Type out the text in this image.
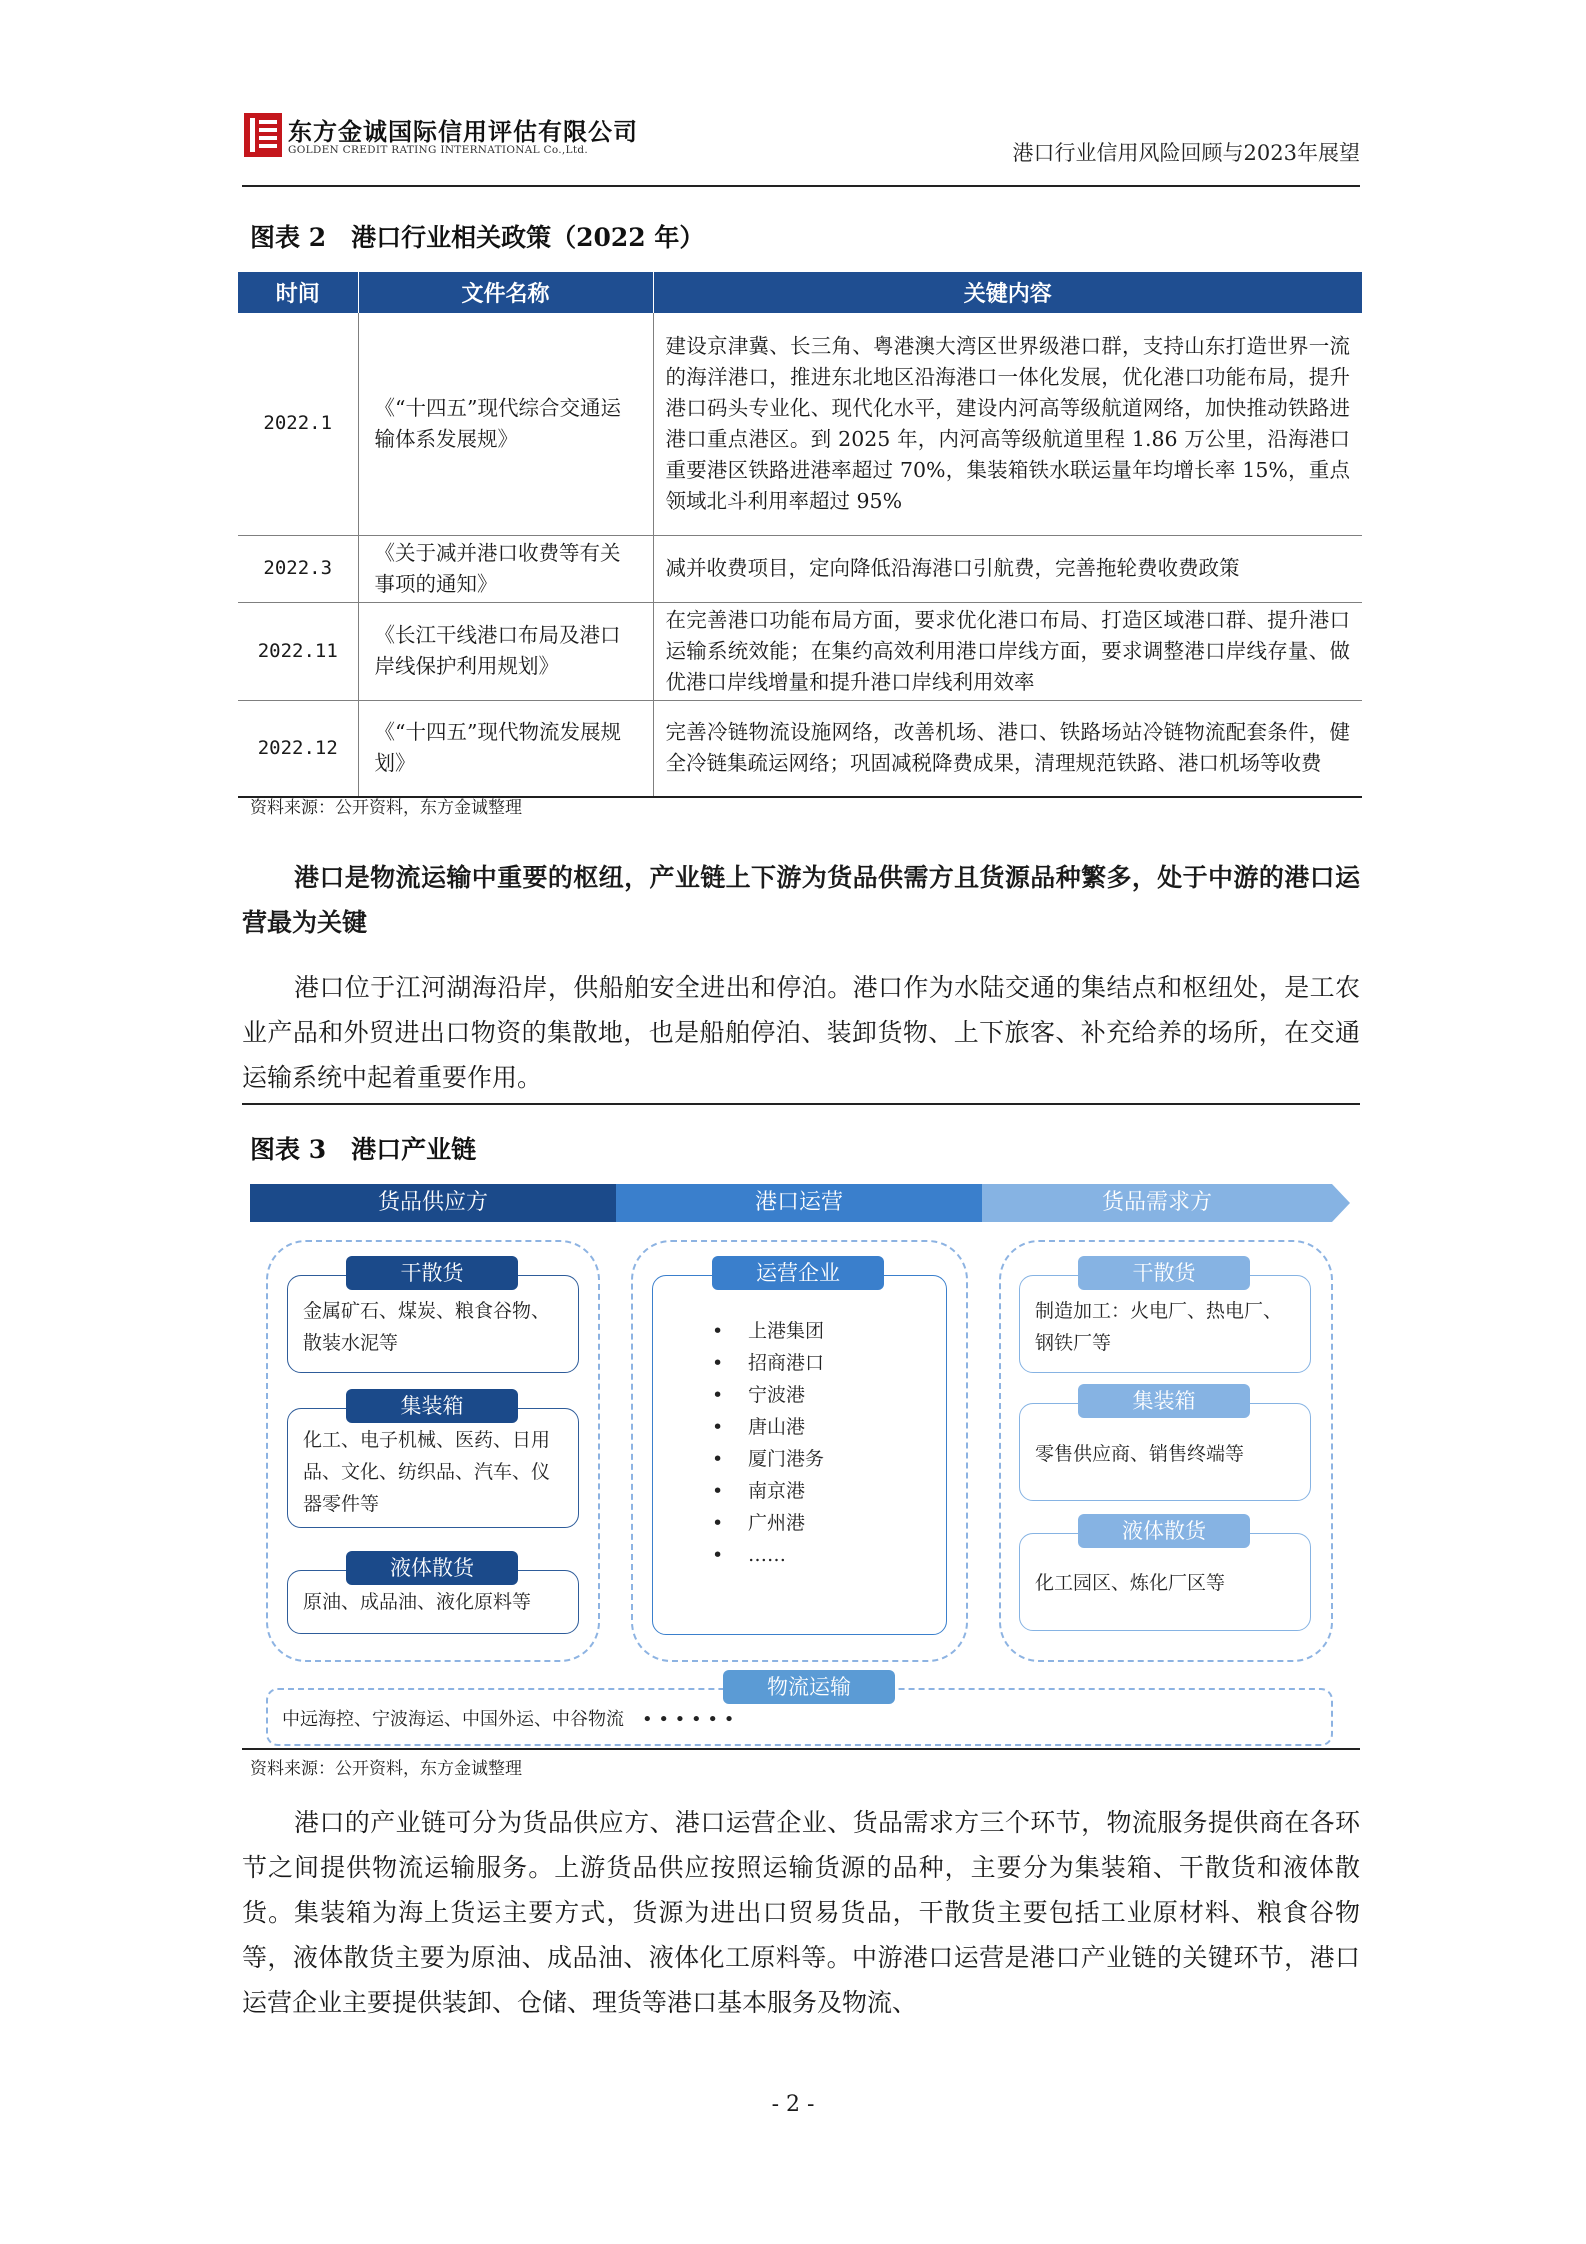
东方金诚国际信用评估有限公司
GOLDEN CREDIT RATING INTERNATIONAL Co.,Ltd.	港口行业信用风险回顾与2023年展望
图表 2　港口行业相关政策（2022 年）
时间	文件名称	关键内容
2022.1	《“十四五”现代综合交通运输体系发展规》	建设京津冀、长三角、粤港澳大湾区世界级港口群，支持山东打造世界一流的海洋港口，推进东北地区沿海港口一体化发展，优化港口功能布局，提升港口码头专业化、现代化水平，建设内河高等级航道网络，加快推动铁路进港口重点港区。到 2025 年，内河高等级航道里程 1.86 万公里，沿海港口重要港区铁路进港率超过 70%，集装箱铁水联运量年均增长率 15%，重点领域北斗利用率超过 95%
2022.3	《关于减并港口收费等有关事项的通知》	减并收费项目，定向降低沿海港口引航费，完善拖轮费收费政策
2022.11	《长江干线港口布局及港口岸线保护利用规划》	在完善港口功能布局方面，要求优化港口布局、打造区域港口群、提升港口运输系统效能；在集约高效利用港口岸线方面，要求调整港口岸线存量、做优港口岸线增量和提升港口岸线利用效率
2022.12	《“十四五”现代物流发展规划》	完善冷链物流设施网络，改善机场、港口、铁路场站冷链物流配套条件，健全冷链集疏运网络；巩固减税降费成果，清理规范铁路、港口机场等收费
资料来源：公开资料，东方金诚整理
港口是物流运输中重要的枢纽，产业链上下游为货品供需方且货源品种繁多，处于中游的港口运营最为关键
港口位于江河湖海沿岸，供船舶安全进出和停泊。港口作为水陆交通的集结点和枢纽处，是工农业产品和外贸进出口物资的集散地，也是船舶停泊、装卸货物、上下旅客、补充给养的场所，在交通运输系统中起着重要作用。
图表 3　港口产业链
货品供应方	港口运营	货品需求方
干散货
金属矿石、煤炭、粮食谷物、散装水泥等
集装箱
化工、电子机械、医药、日用品、文化、纺织品、汽车、仪器零件等
液体散货
原油、成品油、液化原料等
运营企业
• 上港集团
• 招商港口
• 宁波港
• 唐山港
• 厦门港务
• 南京港
• 广州港
• ……
干散货
制造加工：火电厂、热电厂、钢铁厂等
集装箱
零售供应商、销售终端等
液体散货
化工园区、炼化厂区等
物流运输
中远海控、宁波海运、中国外运、中谷物流　• • • • • •
资料来源：公开资料，东方金诚整理
港口的产业链可分为货品供应方、港口运营企业、货品需求方三个环节，物流服务提供商在各环节之间提供物流运输服务。上游货品供应按照运输货源的品种，主要分为集装箱、干散货和液体散货。集装箱为海上货运主要方式，货源为进出口贸易货品，干散货主要包括工业原材料、粮食谷物等，液体散货主要为原油、成品油、液体化工原料等。中游港口运营是港口产业链的关键环节，港口运营企业主要提供装卸、仓储、理货等港口基本服务及物流、
- 2 -
